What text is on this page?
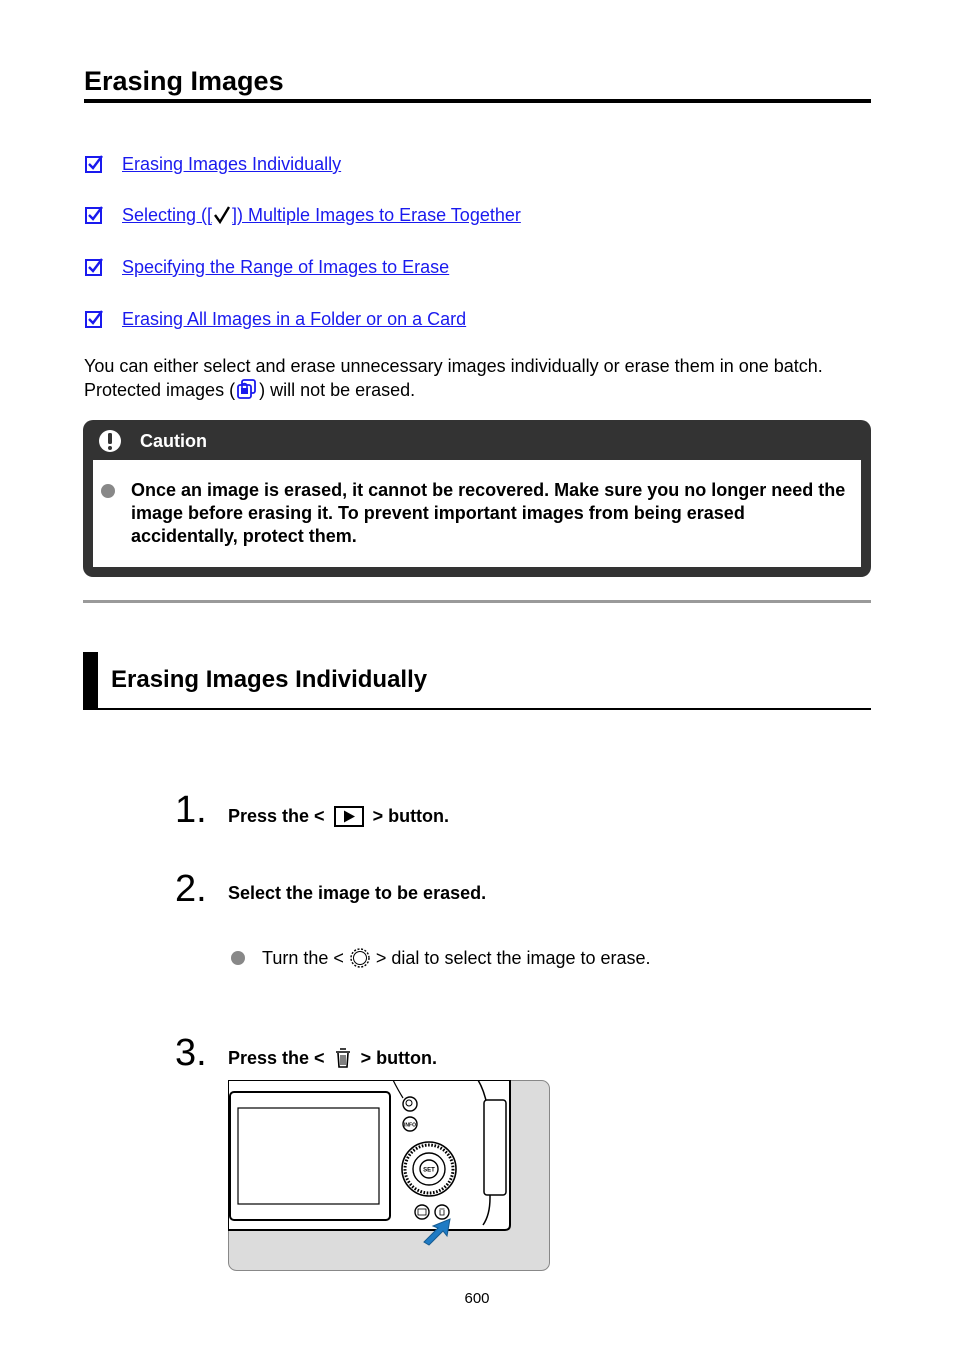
Erasing Images
Erasing Images Individually
Selecting ([ ]) Multiple Images to Erase Together
Specifying the Range of Images to Erase
Erasing All Images in a Folder or on a Card
You can either select and erase unnecessary images individually or erase them in one batch. Protected images ( ) will not be erased.
Caution
Once an image is erased, it cannot be recovered. Make sure you no longer need the image before erasing it. To prevent important images from being erased accidentally, protect them.
Erasing Images Individually
1. Press the < > button.
2. Select the image to be erased.
Turn the < > dial to select the image to erase.
3. Press the < > button.
INFO
SET
600
